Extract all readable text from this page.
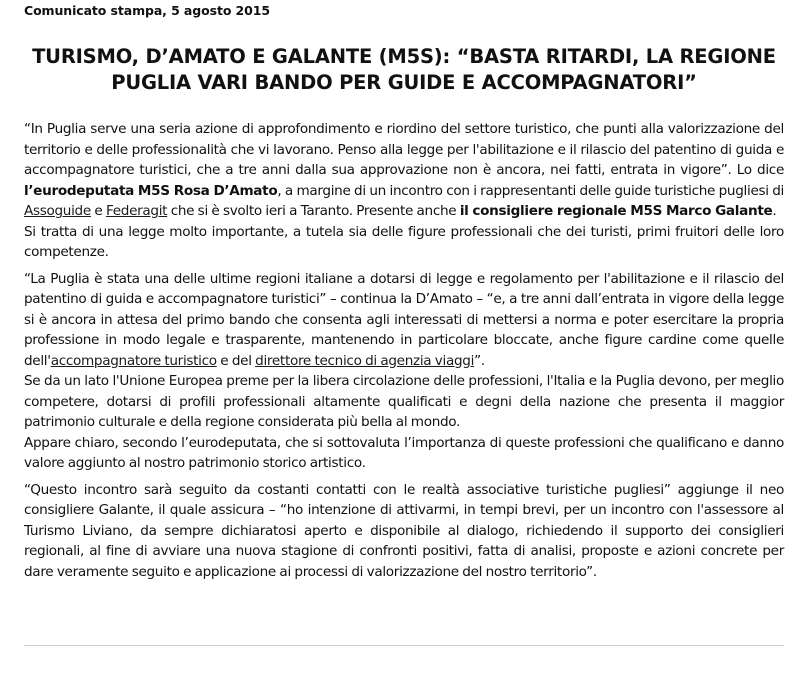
Comunicato stampa, 5 agosto 2015
TURISMO, D’AMATO E GALANTE (M5S): “BASTA RITARDI, LA REGIONE
PUGLIA VARI BANDO PER GUIDE E ACCOMPAGNATORI”

“In Puglia serve una seria azione di approfondimento e riordino del settore turistico, che punti alla valorizzazione del territorio e delle professionalità che vi lavorano. Penso alla legge per l'abilitazione e il rilascio del patentino di guida e accompagnatore turistici, che a tre anni dalla sua approvazione non è ancora, nei fatti, entrata in vigore”. Lo dice l’eurodeputata M5S Rosa D’Amato, a margine di un incontro con i rappresentanti delle guide turistiche pugliesi di Assoguide e Federagit che si è svolto ieri a Taranto. Presente anche il consigliere regionale M5S Marco Galante.

Si tratta di una legge molto importante, a tutela sia delle figure professionali che dei turisti, primi fruitori delle loro competenze.

“La Puglia è stata una delle ultime regioni italiane a dotarsi di legge e regolamento per l'abilitazione e il rilascio del patentino di guida e accompagnatore turistici” – continua la D’Amato – “e, a tre anni dall’entrata in vigore della legge si è ancora in attesa del primo bando che consenta agli interessati di mettersi a norma e poter esercitare la propria professione in modo legale e trasparente, mantenendo in particolare bloccate, anche figure cardine come quelle dell'accompagnatore turistico e del direttore tecnico di agenzia viaggi”.

Se da un lato l'Unione Europea preme per la libera circolazione delle professioni, l'Italia e la Puglia devono, per meglio competere, dotarsi di profili professionali altamente qualificati e degni della nazione che presenta il maggior patrimonio culturale e della regione considerata più bella al mondo.

Appare chiaro, secondo l’eurodeputata, che si sottovaluta l’importanza di queste professioni che qualificano e danno valore aggiunto al nostro patrimonio storico artistico.

“Questo incontro sarà seguito da costanti contatti con le realtà associative turistiche pugliesi” aggiunge il neo consigliere Galante, il quale assicura – “ho intenzione di attivarmi, in tempi brevi, per un incontro con l'assessore al Turismo Liviano, da sempre dichiaratosi aperto e disponibile al dialogo, richiedendo il supporto dei consiglieri regionali, al fine di avviare una nuova stagione di confronti positivi, fatta di analisi, proposte e azioni concrete per dare veramente seguito e applicazione ai processi di valorizzazione del nostro territorio”.
